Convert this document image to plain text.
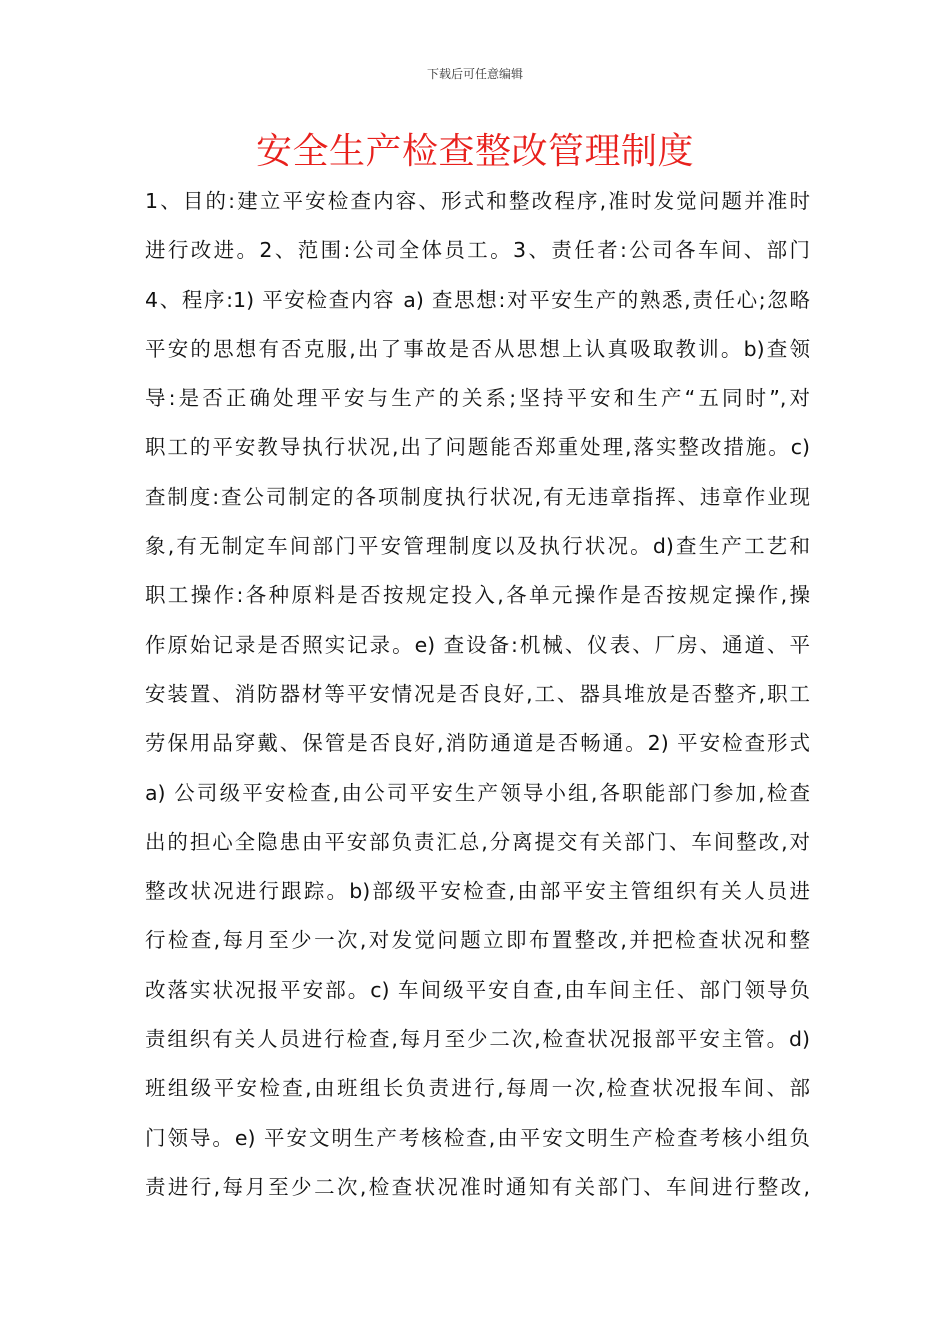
下载后可任意编辑
安全生产检查整改管理制度
1、目的:建立平安检查内容、形式和整改程序,准时发觉问题并准时
进行改进。2、范围:公司全体员工。3、责任者:公司各车间、部门
4、程序:1) 平安检查内容 a) 查思想:对平安生产的熟悉,责任心;忽略
平安的思想有否克服,出了事故是否从思想上认真吸取教训。b)查领
导:是否正确处理平安与生产的关系;坚持平安和生产“五同时”,对
职工的平安教导执行状况,出了问题能否郑重处理,落实整改措施。c)
查制度:查公司制定的各项制度执行状况,有无违章指挥、违章作业现
象,有无制定车间部门平安管理制度以及执行状况。d)查生产工艺和
职工操作:各种原料是否按规定投入,各单元操作是否按规定操作,操
作原始记录是否照实记录。e) 查设备:机械、仪表、厂房、通道、平
安装置、消防器材等平安情况是否良好,工、器具堆放是否整齐,职工
劳保用品穿戴、保管是否良好,消防通道是否畅通。2) 平安检查形式
a) 公司级平安检查,由公司平安生产领导小组,各职能部门参加,检查
出的担心全隐患由平安部负责汇总,分离提交有关部门、车间整改,对
整改状况进行跟踪。b)部级平安检查,由部平安主管组织有关人员进
行检查,每月至少一次,对发觉问题立即布置整改,并把检查状况和整
改落实状况报平安部。c) 车间级平安自查,由车间主任、部门领导负
责组织有关人员进行检查,每月至少二次,检查状况报部平安主管。d)
班组级平安检查,由班组长负责进行,每周一次,检查状况报车间、部
门领导。e) 平安文明生产考核检查,由平安文明生产检查考核小组负
责进行,每月至少二次,检查状况准时通知有关部门、车间进行整改,
